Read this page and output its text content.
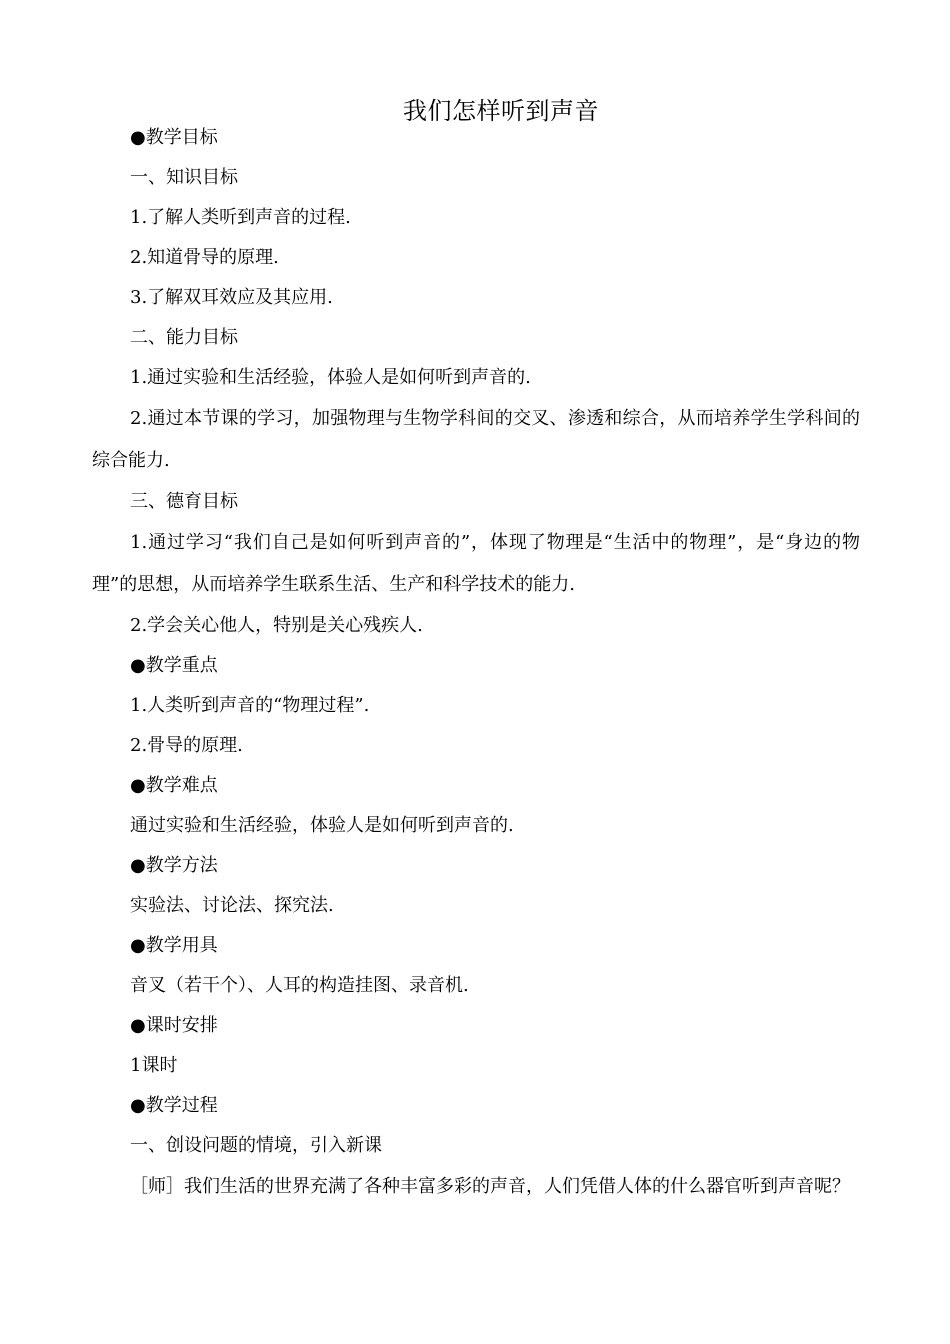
我们怎样听到声音

●教学目标

一、知识目标

1.了解人类听到声音的过程.

2.知道骨导的原理.

3.了解双耳效应及其应用.

二、能力目标

1.通过实验和生活经验，体验人是如何听到声音的.

2.通过本节课的学习，加强物理与生物学科间的交叉、渗透和综合，从而培养学生学科间的综合能力.

三、德育目标

1.通过学习“我们自己是如何听到声音的”，体现了物理是“生活中的物理”，是“身边的物理”的思想，从而培养学生联系生活、生产和科学技术的能力.

2.学会关心他人，特别是关心残疾人.

●教学重点

1.人类听到声音的“物理过程”.

2.骨导的原理.

●教学难点

通过实验和生活经验，体验人是如何听到声音的.

●教学方法

实验法、讨论法、探究法.

●教学用具

音叉（若干个）、人耳的构造挂图、录音机.

●课时安排

1课时

●教学过程

一、创设问题的情境，引入新课

［师］我们生活的世界充满了各种丰富多彩的声音，人们凭借人体的什么器官听到声音呢？
